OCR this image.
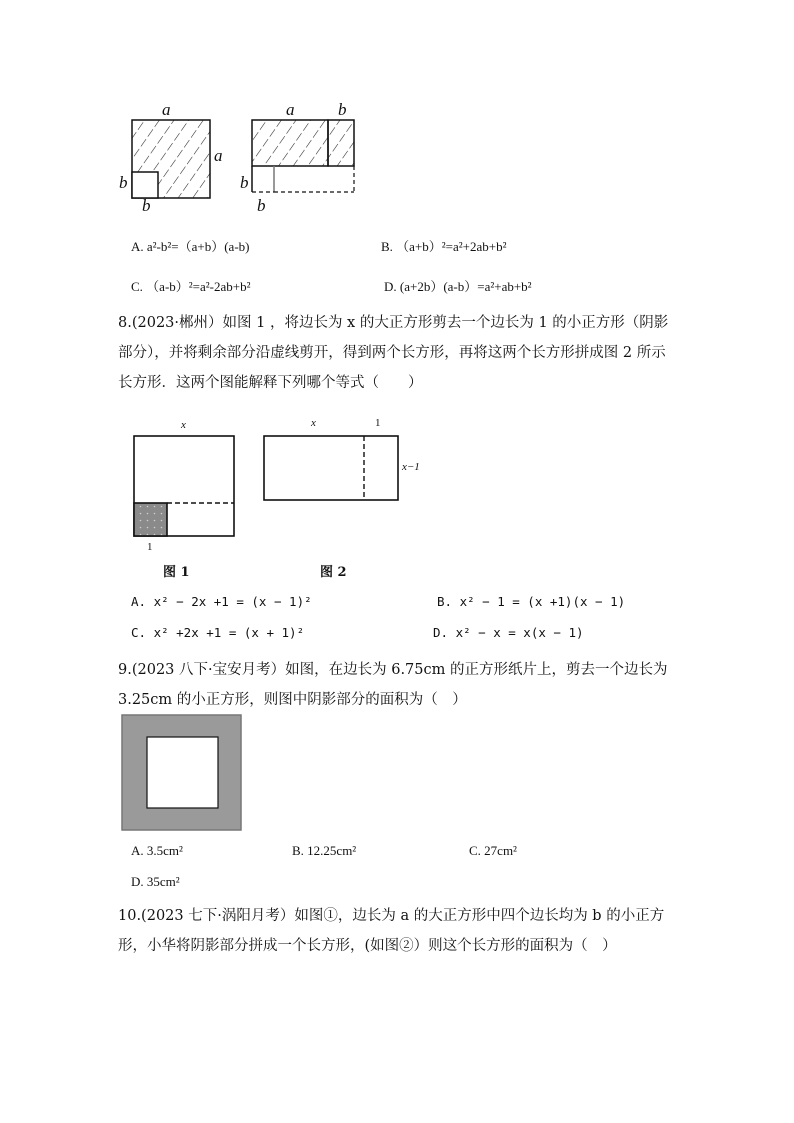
a
a
b
b
a	b
b
b
A. a²-b²=（a+b）(a-b)	B. （a+b）²=a²+2ab+b²
C. （a-b）²=a²-2ab+b²	D. (a+2b）(a-b）=a²+ab+b²
8.(2023·郴州）如图 1 ，将边长为 x 的大正方形剪去一个边长为 1 的小正方形（阴影部分），并将剩余部分沿虚线剪开，得到两个长方形，再将这两个长方形拼成图 2 所示长方形．这两个图能解释下列哪个等式（　　）
x
1
图 1
x	1
x−1
图 2
A. x² − 2x +1 = (x − 1)²	B. x² − 1 = (x +1)(x − 1)
C. x² +2x +1 = (x + 1)²	D. x² − x = x(x − 1)
9.(2023 八下·宝安月考）如图，在边长为 6.75cm 的正方形纸片上，剪去一个边长为 3.25cm 的小正方形，则图中阴影部分的面积为（　）
A. 3.5cm²	B. 12.25cm²	C. 27cm²
D. 35cm²
10.(2023 七下·涡阳月考）如图①，边长为 a 的大正方形中四个边长均为 b 的小正方形，小华将阴影部分拼成一个长方形，(如图②）则这个长方形的面积为（　）
